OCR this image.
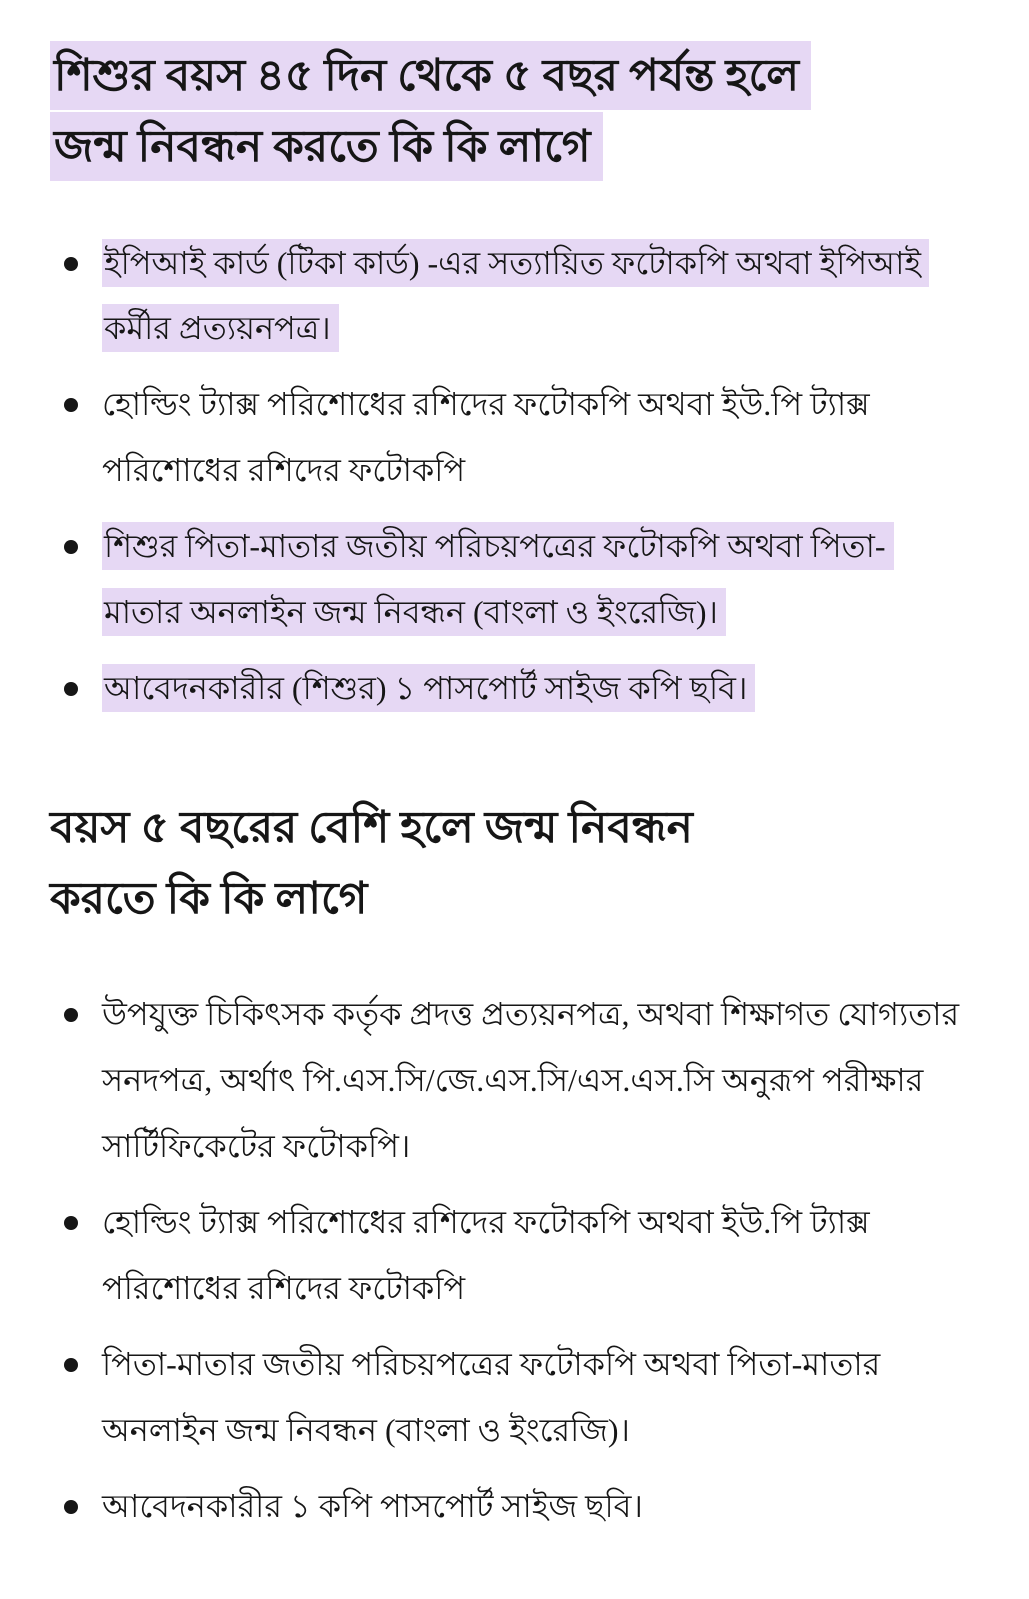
শিশুর বয়স ৪৫ দিন থেকে ৫ বছর পর্যন্ত হলে
জন্ম নিবন্ধন করতে কি কি লাগে
ইপিআই কার্ড (টিকা কার্ড) -এর সত্যায়িত ফটোকপি অথবা ইপিআই কর্মীর প্রত্যয়নপত্র।
হোল্ডিং ট্যাক্স পরিশোধের রশিদের ফটোকপি অথবা ইউ.পি ট্যাক্স পরিশোধের রশিদের ফটোকপি
শিশুর পিতা-মাতার জতীয় পরিচয়পত্রের ফটোকপি অথবা পিতা-মাতার অনলাইন জন্ম নিবন্ধন (বাংলা ও ইংরেজি)।
আবেদনকারীর (শিশুর) ১ পাসপোর্ট সাইজ কপি ছবি।
বয়স ৫ বছরের বেশি হলে জন্ম নিবন্ধন
করতে কি কি লাগে
উপযুক্ত চিকিৎসক কর্তৃক প্রদত্ত প্রত্যয়নপত্র, অথবা শিক্ষাগত যোগ্যতার সনদপত্র, অর্থাৎ পি.এস.সি/জে.এস.সি/এস.এস.সি অনুরূপ পরীক্ষার সার্টিফিকেটের ফটোকপি।
হোল্ডিং ট্যাক্স পরিশোধের রশিদের ফটোকপি অথবা ইউ.পি ট্যাক্স পরিশোধের রশিদের ফটোকপি
পিতা-মাতার জতীয় পরিচয়পত্রের ফটোকপি অথবা পিতা-মাতার অনলাইন জন্ম নিবন্ধন (বাংলা ও ইংরেজি)।
আবেদনকারীর ১ কপি পাসপোর্ট সাইজ ছবি।
